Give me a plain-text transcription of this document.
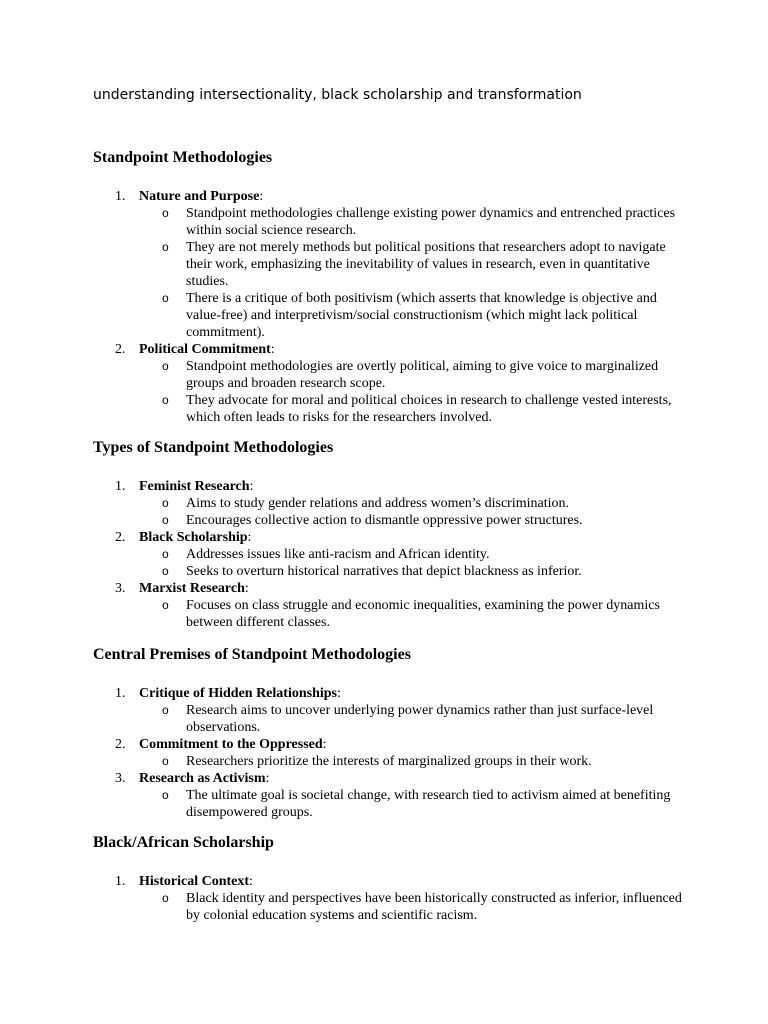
understanding intersectionality, black scholarship and transformation
Standpoint Methodologies
1. Nature and Purpose:
o Standpoint methodologies challenge existing power dynamics and entrenched practices within social science research.
o They are not merely methods but political positions that researchers adopt to navigate their work, emphasizing the inevitability of values in research, even in quantitative studies.
o There is a critique of both positivism (which asserts that knowledge is objective and value-free) and interpretivism/social constructionism (which might lack political commitment).
2. Political Commitment:
o Standpoint methodologies are overtly political, aiming to give voice to marginalized groups and broaden research scope.
o They advocate for moral and political choices in research to challenge vested interests, which often leads to risks for the researchers involved.
Types of Standpoint Methodologies
1. Feminist Research:
o Aims to study gender relations and address women’s discrimination.
o Encourages collective action to dismantle oppressive power structures.
2. Black Scholarship:
o Addresses issues like anti-racism and African identity.
o Seeks to overturn historical narratives that depict blackness as inferior.
3. Marxist Research:
o Focuses on class struggle and economic inequalities, examining the power dynamics between different classes.
Central Premises of Standpoint Methodologies
1. Critique of Hidden Relationships:
o Research aims to uncover underlying power dynamics rather than just surface-level observations.
2. Commitment to the Oppressed:
o Researchers prioritize the interests of marginalized groups in their work.
3. Research as Activism:
o The ultimate goal is societal change, with research tied to activism aimed at benefiting disempowered groups.
Black/African Scholarship
1. Historical Context:
o Black identity and perspectives have been historically constructed as inferior, influenced by colonial education systems and scientific racism.
